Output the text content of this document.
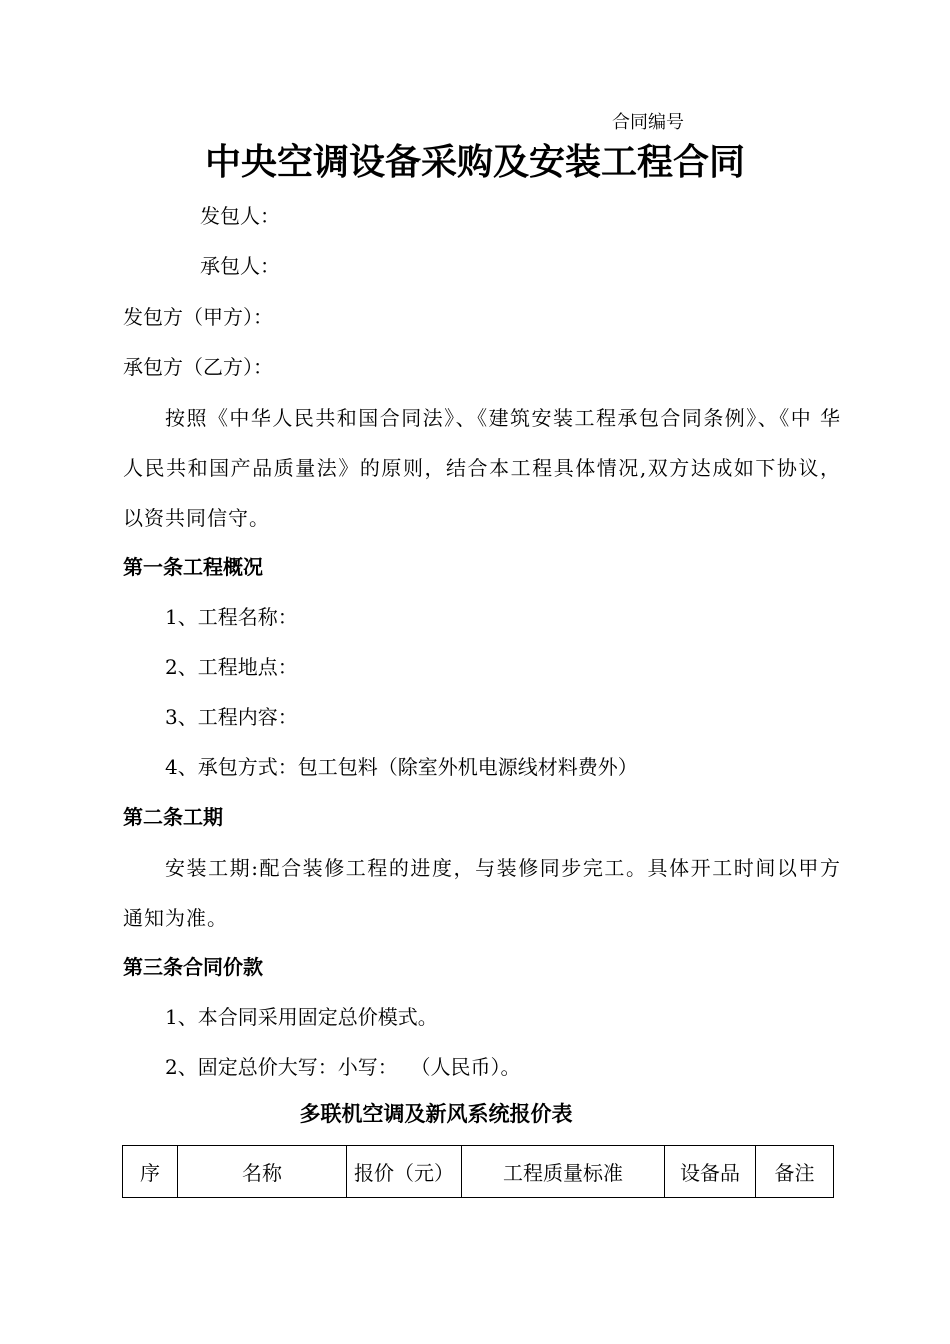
合同编号
中央空调设备采购及安装工程合同
发包人：
承包人：
发包方（甲方）：
承包方（乙方）：
按照《中华人民共和国合同法》、《建筑安装工程承包合同条例》、《中 华人民共和国产品质量法》的原则，结合本工程具体情况,双方达成如下协议，以资共同信守。
第一条工程概况
1、工程名称：
2、工程地点：
3、工程内容：
4、承包方式：包工包料（除室外机电源线材料费外）
第二条工期
安装工期:配合装修工程的进度，与装修同步完工。具体开工时间以甲方通知为准。
第三条合同价款
1、本合同采用固定总价模式。
2、固定总价大写：小写：  （人民币）。
多联机空调及新风系统报价表
序	名称	报价（元）	工程质量标准	设备品	备注
